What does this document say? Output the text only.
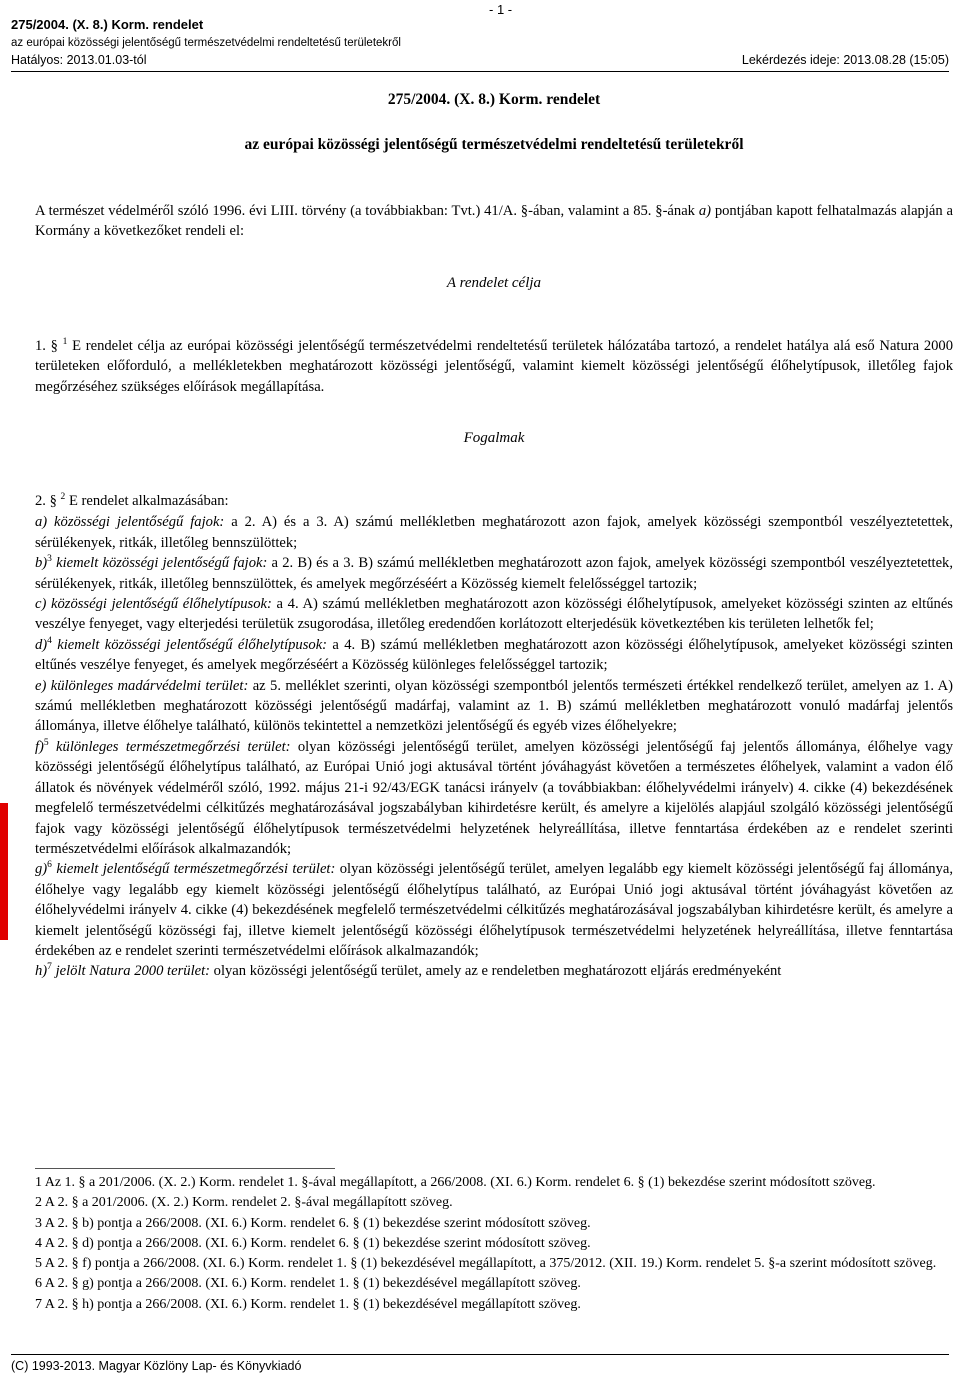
- 1 -
275/2004. (X. 8.) Korm. rendelet
az európai közösségi jelentőségű természetvédelmi rendeltetésű területekről
Hatályos: 2013.01.03-tól	Lekérdezés ideje: 2013.08.28 (15:05)
275/2004. (X. 8.) Korm. rendelet
az európai közösségi jelentőségű természetvédelmi rendeltetésű területekről

A természet védelméről szóló 1996. évi LIII. törvény (a továbbiakban: Tvt.) 41/A. §-ában, valamint a 85. §-ának a) pontjában kapott felhatalmazás alapján a Kormány a következőket rendeli el:

A rendelet célja

1. § $^1$ E rendelet célja az európai közösségi jelentőségű természetvédelmi rendeltetésű területek hálózatába tartozó, a rendelet hatálya alá eső Natura 2000 területeken előforduló, a mellékletekben meghatározott közösségi jelentőségű, valamint kiemelt közösségi jelentőségű élőhelytípusok, illetőleg fajok megőrzéséhez szükséges előírások megállapítása.

Fogalmak

2. § $^2$ E rendelet alkalmazásában:

a) közösségi jelentőségű fajok: a 2. A) és a 3. A) számú mellékletben meghatározott azon fajok, amelyek közösségi szempontból veszélyeztetettek, sérülékenyek, ritkák, illetőleg bennszülöttek;

b)$^3$ kiemelt közösségi jelentőségű fajok: a 2. B) és a 3. B) számú mellékletben meghatározott azon fajok, amelyek közösségi szempontból veszélyeztetettek, sérülékenyek, ritkák, illetőleg bennszülöttek, és amelyek megőrzéséért a Közösség kiemelt felelősséggel tartozik;

c) közösségi jelentőségű élőhelytípusok: a 4. A) számú mellékletben meghatározott azon közösségi élőhelytípusok, amelyeket közösségi szinten az eltűnés veszélye fenyeget, vagy elterjedési területük zsugorodása, illetőleg eredendően korlátozott elterjedésük következtében kis területen lelhetők fel;

d)$^4$ kiemelt közösségi jelentőségű élőhelytípusok: a 4. B) számú mellékletben meghatározott azon közösségi élőhelytípusok, amelyeket közösségi szinten eltűnés veszélye fenyeget, és amelyek megőrzéséért a Közösség különleges felelősséggel tartozik;

e) különleges madárvédelmi terület: az 5. melléklet szerinti, olyan közösségi szempontból jelentős természeti értékkel rendelkező terület, amelyen az 1. A) számú mellékletben meghatározott közösségi jelentőségű madárfaj, valamint az 1. B) számú mellékletben meghatározott vonuló madárfaj jelentős állománya, illetve élőhelye található, különös tekintettel a nemzetközi jelentőségű és egyéb vizes élőhelyekre;

f)$^5$ különleges természetmegőrzési terület: olyan közösségi jelentőségű terület, amelyen közösségi jelentőségű faj jelentős állománya, élőhelye vagy közösségi jelentőségű élőhelytípus található, az Európai Unió jogi aktusával történt jóváhagyást követően a természetes élőhelyek, valamint a vadon élő állatok és növények védelméről szóló, 1992. május 21-i 92/43/EGK tanácsi irányelv (a továbbiakban: élőhelyvédelmi irányelv) 4. cikke (4) bekezdésének megfelelő természetvédelmi célkitűzés meghatározásával jogszabályban kihirdetésre került, és amelyre a kijelölés alapjául szolgáló közösségi jelentőségű fajok vagy közösségi jelentőségű élőhelytípusok természetvédelmi helyzetének helyreállítása, illetve fenntartása érdekében az e rendelet szerinti természetvédelmi előírások alkalmazandók;

g)$^6$ kiemelt jelentőségű természetmegőrzési terület: olyan közösségi jelentőségű terület, amelyen legalább egy kiemelt közösségi jelentőségű faj állománya, élőhelye vagy legalább egy kiemelt közösségi jelentőségű élőhelytípus található, az Európai Unió jogi aktusával történt jóváhagyást követően az élőhelyvédelmi irányelv 4. cikke (4) bekezdésének megfelelő természetvédelmi célkitűzés meghatározásával jogszabályban kihirdetésre került, és amelyre a kiemelt jelentőségű közösségi faj, illetve kiemelt jelentőségű közösségi élőhelytípusok természetvédelmi helyzetének helyreállítása, illetve fenntartása érdekében az e rendelet szerinti természetvédelmi előírások alkalmazandók;

h)$^7$ jelölt Natura 2000 terület: olyan közösségi jelentőségű terület, amely az e rendeletben meghatározott eljárás eredményeként

1 Az 1. § a 201/2006. (X. 2.) Korm. rendelet 1. §-ával megállapított, a 266/2008. (XI. 6.) Korm. rendelet 6. § (1) bekezdése szerint módosított szöveg.

2 A 2. § a 201/2006. (X. 2.) Korm. rendelet 2. §-ával megállapított szöveg.

3 A 2. § b) pontja a 266/2008. (XI. 6.) Korm. rendelet 6. § (1) bekezdése szerint módosított szöveg.

4 A 2. § d) pontja a 266/2008. (XI. 6.) Korm. rendelet 6. § (1) bekezdése szerint módosított szöveg.

5 A 2. § f) pontja a 266/2008. (XI. 6.) Korm. rendelet 1. § (1) bekezdésével megállapított, a 375/2012. (XII. 19.) Korm. rendelet 5. §-a szerint módosított szöveg.

6 A 2. § g) pontja a 266/2008. (XI. 6.) Korm. rendelet 1. § (1) bekezdésével megállapított szöveg.

7 A 2. § h) pontja a 266/2008. (XI. 6.) Korm. rendelet 1. § (1) bekezdésével megállapított szöveg.

(C) 1993-2013. Magyar Közlöny Lap- és Könyvkiadó
